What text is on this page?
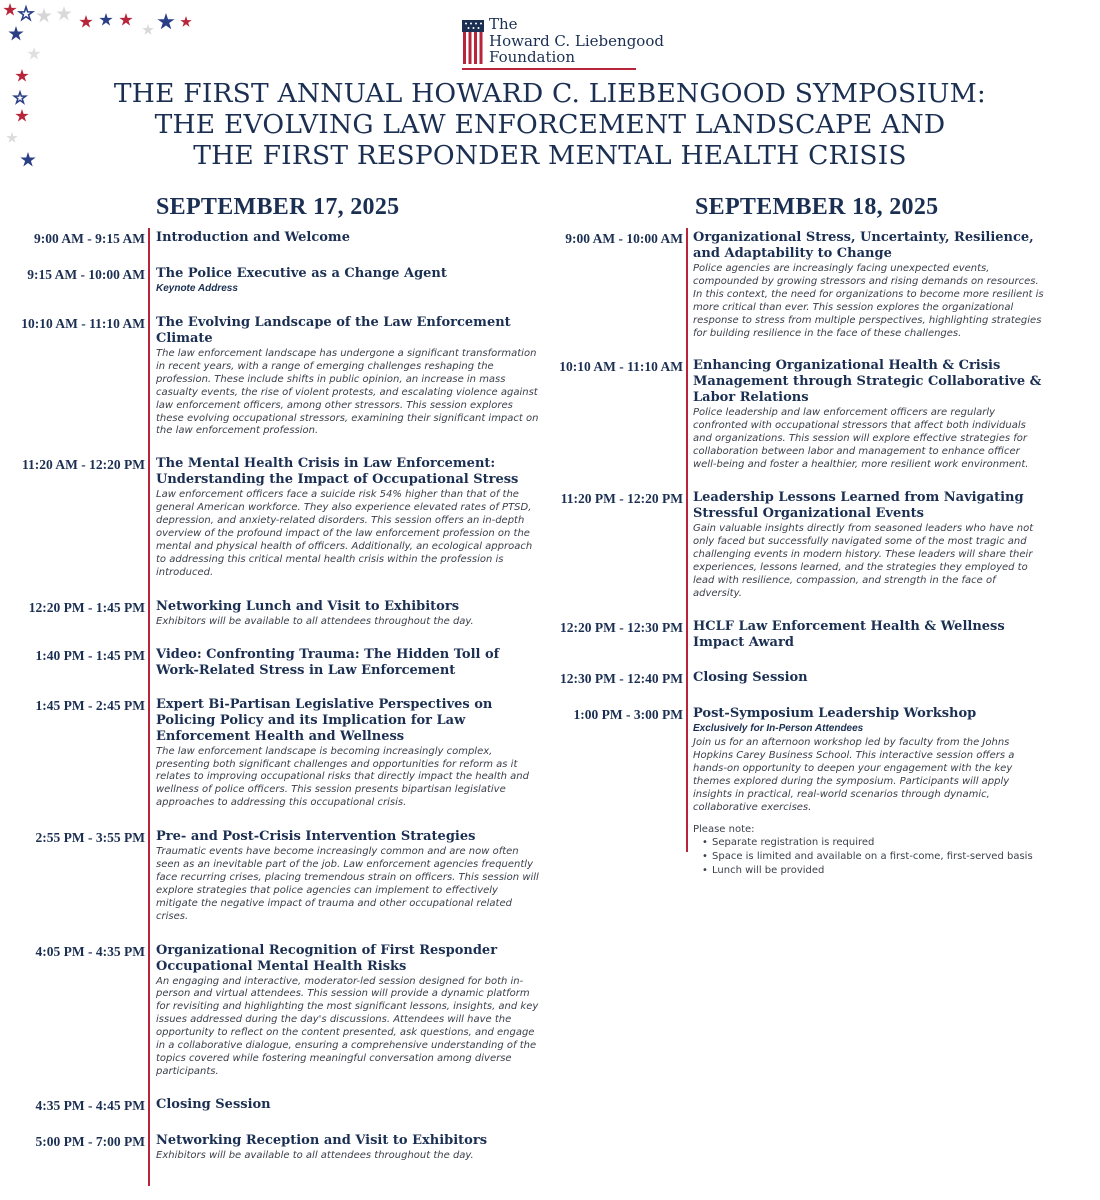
The
Howard C. Liebengood
Foundation
THE FIRST ANNUAL HOWARD C. LIEBENGOOD SYMPOSIUM:
THE EVOLVING LAW ENFORCEMENT LANDSCAPE AND
THE FIRST RESPONDER MENTAL HEALTH CRISIS
SEPTEMBER 17, 2025	SEPTEMBER 18, 2025
9:00 AM - 9:15 AM Introduction and Welcome
9:15 AM - 10:00 AM The Police Executive as a Change Agent
Keynote Address
10:10 AM - 11:10 AM The Evolving Landscape of the Law Enforcement Climate
The law enforcement landscape has undergone a significant transformation in recent years, with a range of emerging challenges reshaping the profession. These include shifts in public opinion, an increase in mass casualty events, the rise of violent protests, and escalating violence against law enforcement officers, among other stressors. This session explores these evolving occupational stressors, examining their significant impact on the law enforcement profession.
11:20 AM - 12:20 PM The Mental Health Crisis in Law Enforcement: Understanding the Impact of Occupational Stress
Law enforcement officers face a suicide risk 54% higher than that of the general American workforce. They also experience elevated rates of PTSD, depression, and anxiety-related disorders. This session offers an in-depth overview of the profound impact of the law enforcement profession on the mental and physical health of officers. Additionally, an ecological approach to addressing this critical mental health crisis within the profession is introduced.
12:20 PM - 1:45 PM Networking Lunch and Visit to Exhibitors
Exhibitors will be available to all attendees throughout the day.
1:40 PM - 1:45 PM Video: Confronting Trauma: The Hidden Toll of Work-Related Stress in Law Enforcement
1:45 PM - 2:45 PM Expert Bi-Partisan Legislative Perspectives on Policing Policy and its Implication for Law Enforcement Health and Wellness
The law enforcement landscape is becoming increasingly complex, presenting both significant challenges and opportunities for reform as it relates to improving occupational risks that directly impact the health and wellness of police officers. This session presents bipartisan legislative approaches to addressing this occupational crisis.
2:55 PM - 3:55 PM Pre- and Post-Crisis Intervention Strategies
Traumatic events have become increasingly common and are now often seen as an inevitable part of the job. Law enforcement agencies frequently face recurring crises, placing tremendous strain on officers. This session will explore strategies that police agencies can implement to effectively mitigate the negative impact of trauma and other occupational related crises.
4:05 PM - 4:35 PM Organizational Recognition of First Responder Occupational Mental Health Risks
An engaging and interactive, moderator-led session designed for both in-person and virtual attendees. This session will provide a dynamic platform for revisiting and highlighting the most significant lessons, insights, and key issues addressed during the day's discussions. Attendees will have the opportunity to reflect on the content presented, ask questions, and engage in a collaborative dialogue, ensuring a comprehensive understanding of the topics covered while fostering meaningful conversation among diverse participants.
4:35 PM - 4:45 PM Closing Session
5:00 PM - 7:00 PM Networking Reception and Visit to Exhibitors
Exhibitors will be available to all attendees throughout the day.
9:00 AM - 10:00 AM Organizational Stress, Uncertainty, Resilience, and Adaptability to Change
Police agencies are increasingly facing unexpected events, compounded by growing stressors and rising demands on resources. In this context, the need for organizations to become more resilient is more critical than ever. This session explores the organizational response to stress from multiple perspectives, highlighting strategies for building resilience in the face of these challenges.
10:10 AM - 11:10 AM Enhancing Organizational Health & Crisis Management through Strategic Collaborative & Labor Relations
Police leadership and law enforcement officers are regularly confronted with occupational stressors that affect both individuals and organizations. This session will explore effective strategies for collaboration between labor and management to enhance officer well-being and foster a healthier, more resilient work environment.
11:20 PM - 12:20 PM Leadership Lessons Learned from Navigating Stressful Organizational Events
Gain valuable insights directly from seasoned leaders who have not only faced but successfully navigated some of the most tragic and challenging events in modern history. These leaders will share their experiences, lessons learned, and the strategies they employed to lead with resilience, compassion, and strength in the face of adversity.
12:20 PM - 12:30 PM HCLF Law Enforcement Health & Wellness Impact Award
12:30 PM - 12:40 PM Closing Session
1:00 PM - 3:00 PM Post-Symposium Leadership Workshop
Exclusively for In-Person Attendees
Join us for an afternoon workshop led by faculty from the Johns Hopkins Carey Business School. This interactive session offers a hands-on opportunity to deepen your engagement with the key themes explored during the symposium. Participants will apply insights in practical, real-world scenarios through dynamic, collaborative exercises.
Please note:
• Separate registration is required
• Space is limited and available on a first-come, first-served basis
• Lunch will be provided
